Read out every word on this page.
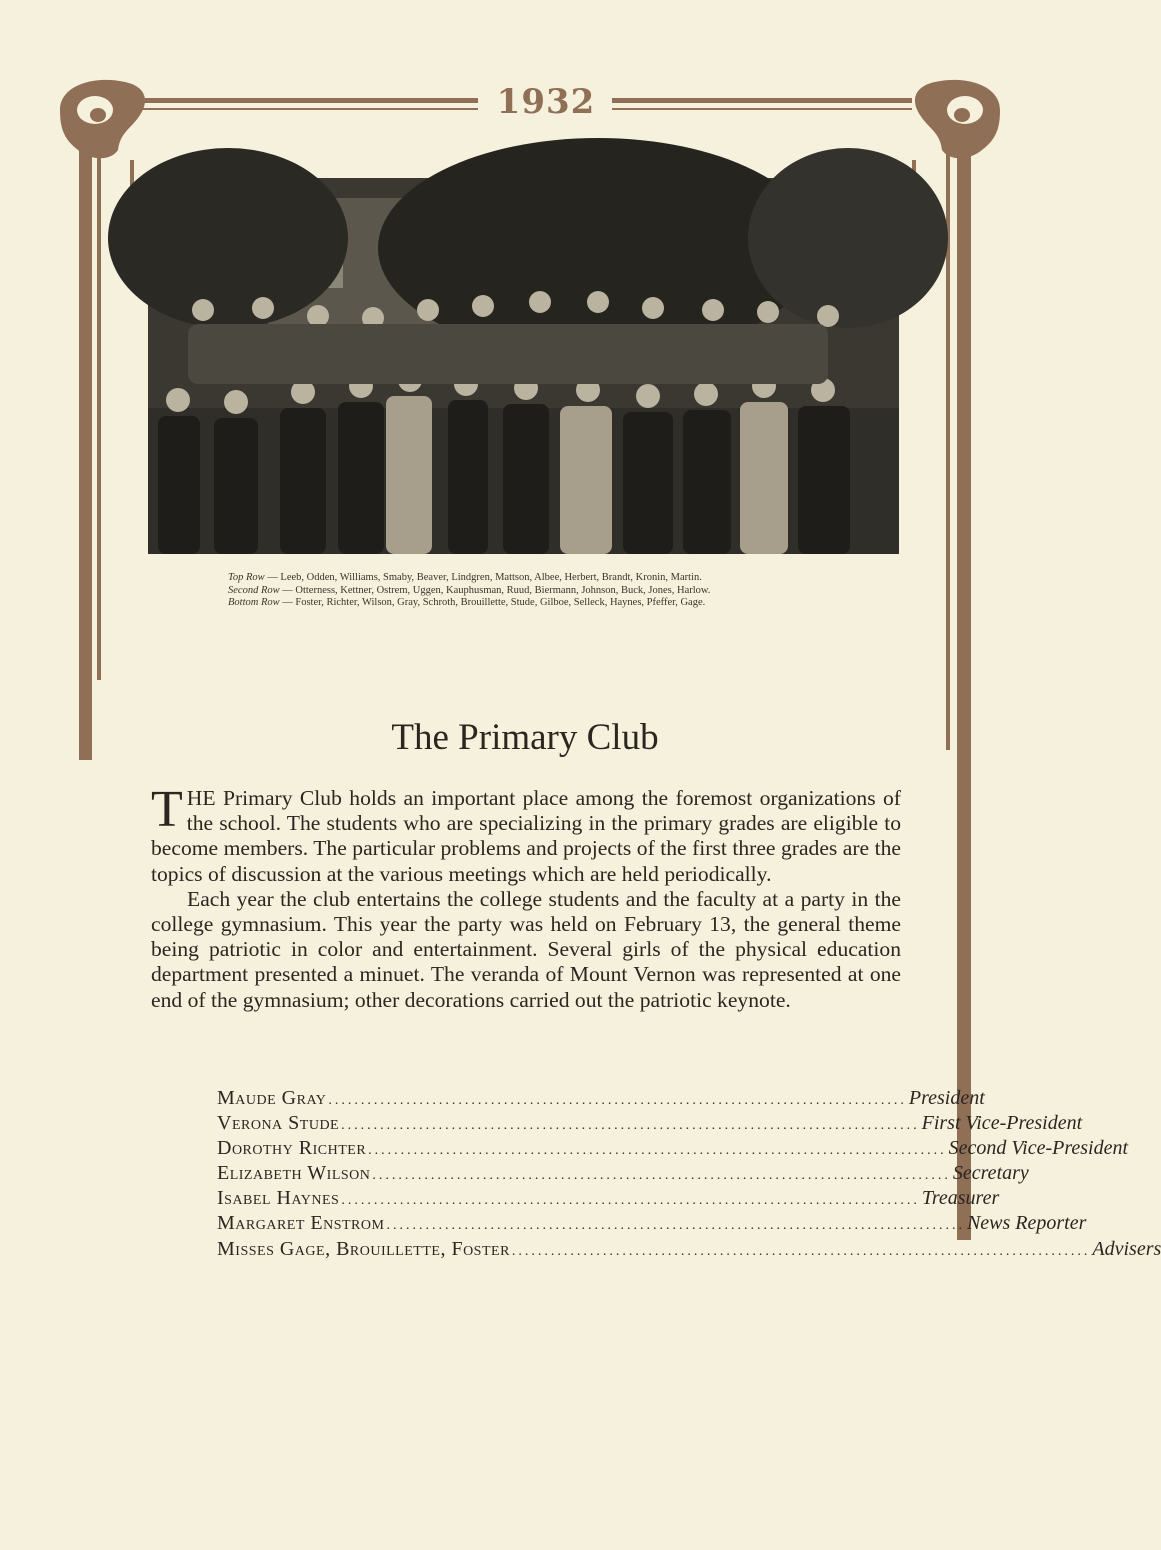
1932
Top Row — Leeb, Odden, Williams, Smaby, Beaver, Lindgren, Mattson, Albee, Herbert, Brandt, Kronin, Martin.
Second Row — Otterness, Kettner, Ostrem, Uggen, Kauphusman, Ruud, Biermann, Johnson, Buck, Jones, Harlow.
Bottom Row — Foster, Richter, Wilson, Gray, Schroth, Brouillette, Stude, Gilboe, Selleck, Haynes, Pfeffer, Gage.
The Primary Club

THE Primary Club holds an important place among the foremost organizations of the school. The students who are specializing in the primary grades are eligible to become members. The particular problems and projects of the first three grades are the topics of discussion at the various meetings which are held periodically.

Each year the club entertains the college students and the faculty at a party in the college gymnasium. This year the party was held on February 13, the general theme being patriotic in color and entertainment. Several girls of the physical education department presented a minuet. The veranda of Mount Vernon was represented at one end of the gymnasium; other decorations carried out the patriotic keynote.

Maude Gray ......................................................................................... President
Verona Stude ......................................................................................... First Vice-President
Dorothy Richter ......................................................................................... Second Vice-President
Elizabeth Wilson ......................................................................................... Secretary
Isabel Haynes ......................................................................................... Treasurer
Margaret Enstrom ......................................................................................... News Reporter
Misses Gage, Brouillette, Foster ......................................................................................... Advisers
